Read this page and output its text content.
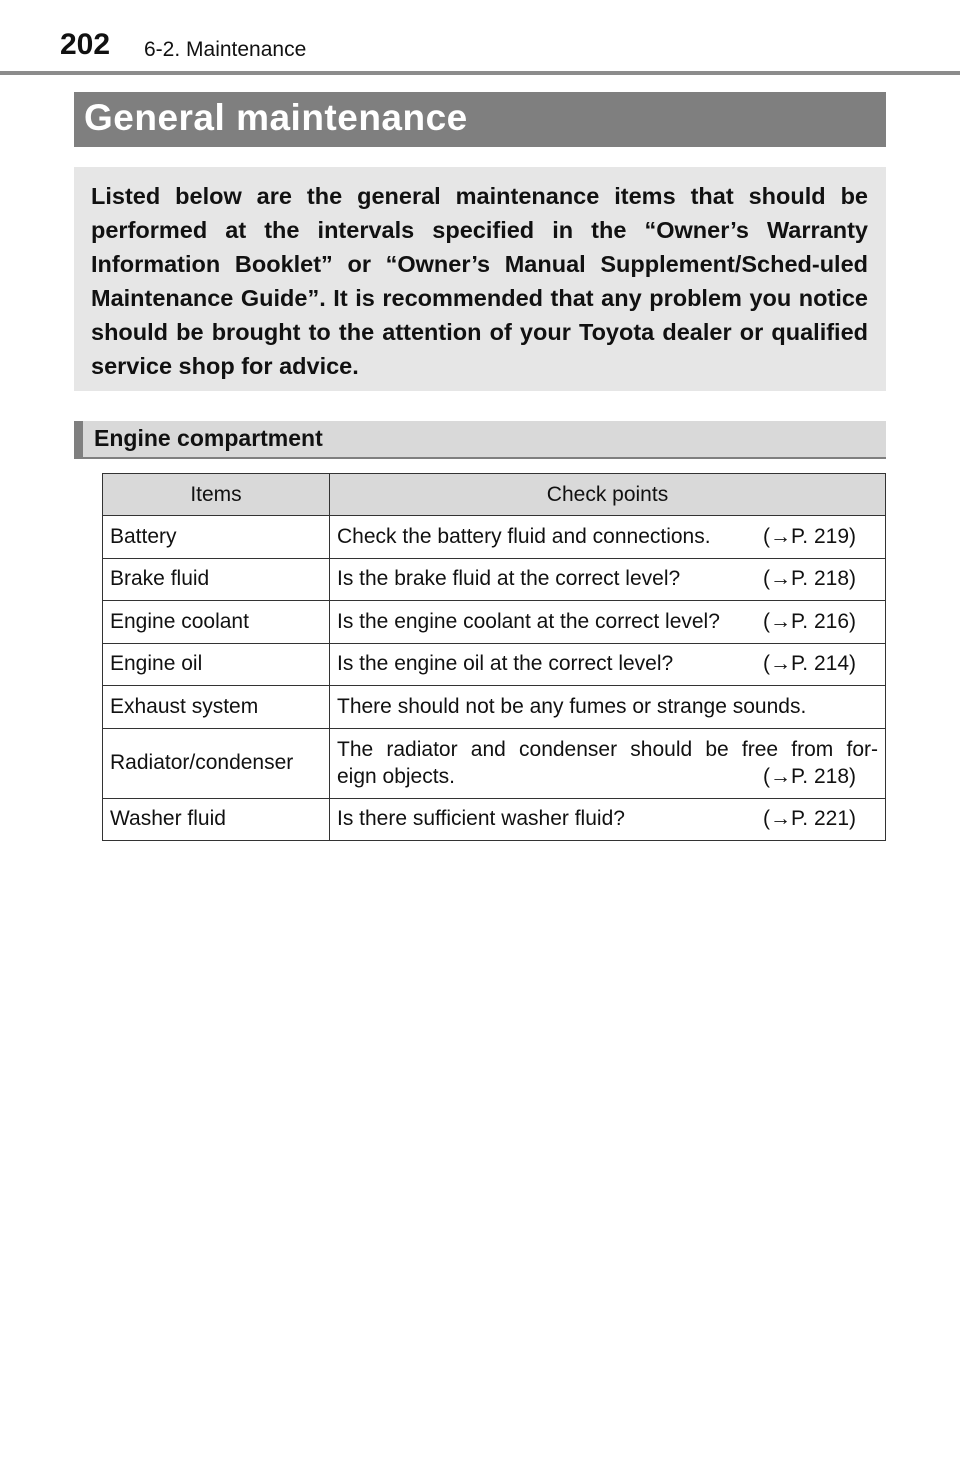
202 6-2. Maintenance
General maintenance

Listed below are the general maintenance items that should be performed at the intervals specified in the “Owner’s Warranty Information Booklet” or “Owner’s Manual Supplement/Sched-uled Maintenance Guide”. It is recommended that any problem you notice should be brought to the attention of your Toyota dealer or qualified service shop for advice.

Engine compartment
Items	Check points
Battery	Check the battery fluid and connections. (→P. 219)

Brake fluid	Is the brake fluid at the correct level? (→P. 218)

Engine coolant	Is the engine coolant at the correct level? (→P. 216)

Engine oil	Is the engine oil at the correct level? (→P. 214)

Exhaust system	There should not be any fumes or strange sounds.
Radiator/condenser	The radiator and condenser should be free from for-
eign objects. (→P. 218)

Washer fluid	Is there sufficient washer fluid? (→P. 221)
